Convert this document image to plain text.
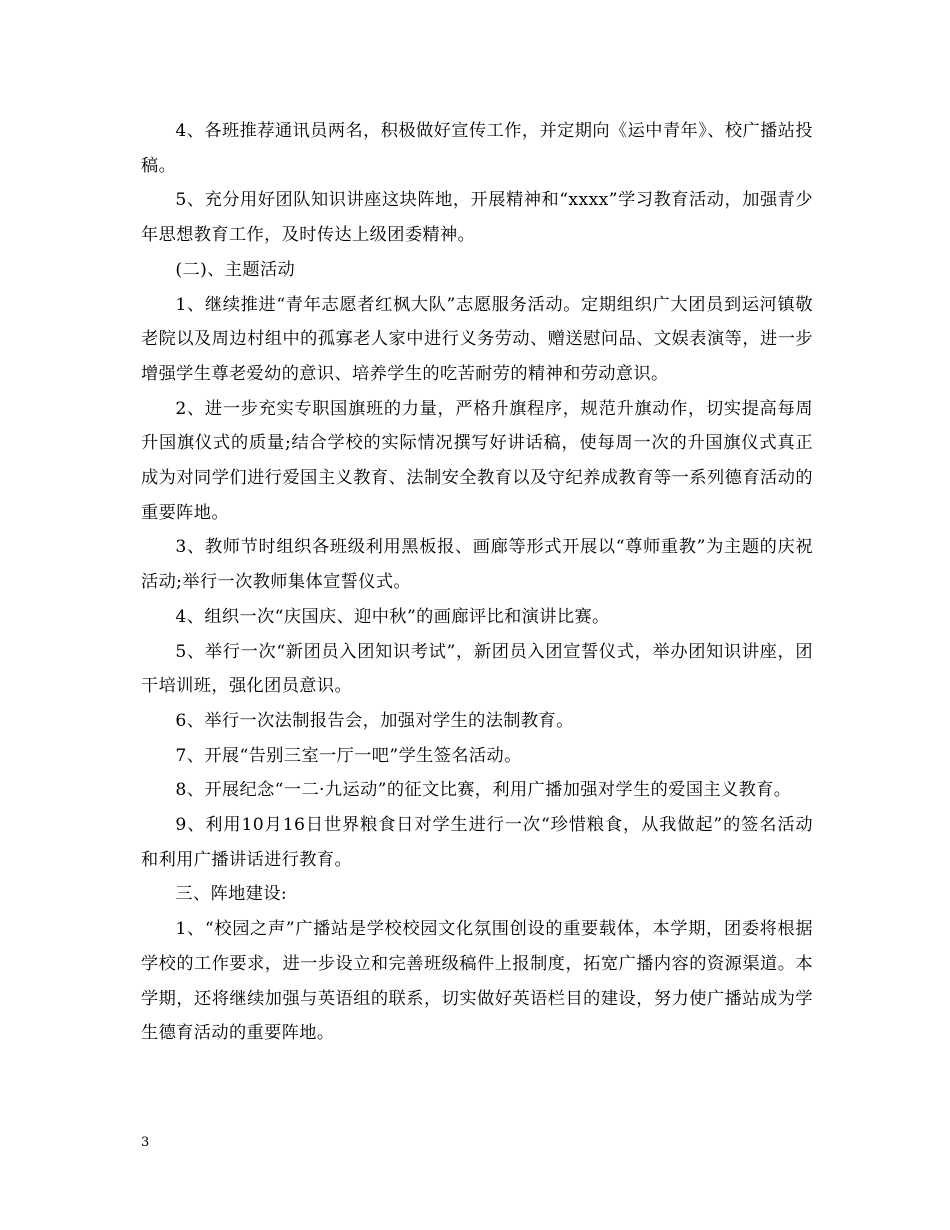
4、各班推荐通讯员两名，积极做好宣传工作，并定期向《运中青年》、校广播站投稿。

5、充分用好团队知识讲座这块阵地，开展精神和“xxxx”学习教育活动，加强青少年思想教育工作，及时传达上级团委精神。

(二)、主题活动

1、继续推进“青年志愿者红枫大队”志愿服务活动。定期组织广大团员到运河镇敬老院以及周边村组中的孤寡老人家中进行义务劳动、赠送慰问品、文娱表演等，进一步增强学生尊老爱幼的意识、培养学生的吃苦耐劳的精神和劳动意识。

2、进一步充实专职国旗班的力量，严格升旗程序，规范升旗动作，切实提高每周升国旗仪式的质量;结合学校的实际情况撰写好讲话稿，使每周一次的升国旗仪式真正成为对同学们进行爱国主义教育、法制安全教育以及守纪养成教育等一系列德育活动的重要阵地。

3、教师节时组织各班级利用黑板报、画廊等形式开展以“尊师重教”为主题的庆祝活动;举行一次教师集体宣誓仪式。

4、组织一次“庆国庆、迎中秋”的画廊评比和演讲比赛。

5、举行一次“新团员入团知识考试”，新团员入团宣誓仪式，举办团知识讲座，团干培训班，强化团员意识。

6、举行一次法制报告会，加强对学生的法制教育。

7、开展“告别三室一厅一吧”学生签名活动。

8、开展纪念“一二·九运动”的征文比赛，利用广播加强对学生的爱国主义教育。

9、利用10月16日世界粮食日对学生进行一次“珍惜粮食，从我做起”的签名活动和利用广播讲话进行教育。

三、阵地建设:

1、“校园之声”广播站是学校校园文化氛围创设的重要载体，本学期，团委将根据学校的工作要求，进一步设立和完善班级稿件上报制度，拓宽广播内容的资源渠道。本学期，还将继续加强与英语组的联系，切实做好英语栏目的建设，努力使广播站成为学生德育活动的重要阵地。

3
